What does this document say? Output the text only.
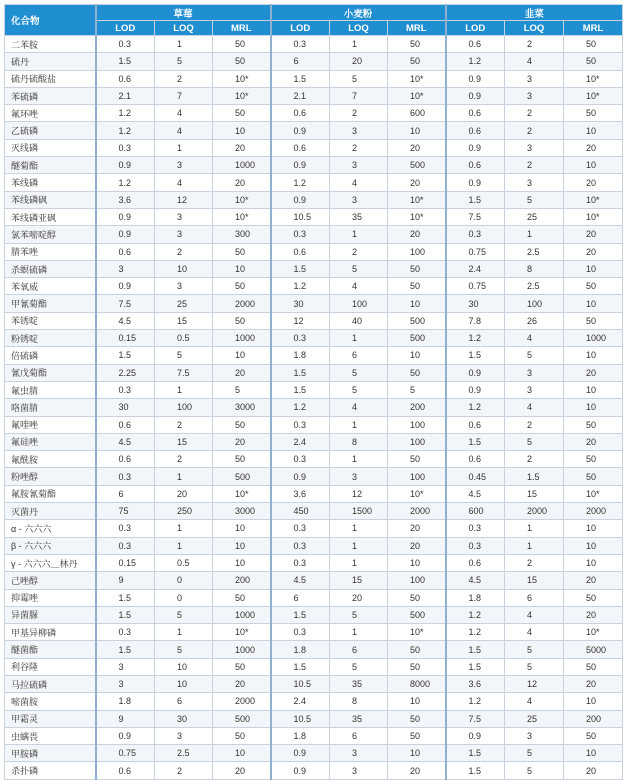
化合物	草莓			小麦粉			韭菜		
	LOD	LOQ	MRL	LOD	LOQ	MRL	LOD	LOQ	MRL
二苯胺	0.3	1	50	0.3	1	50	0.6	2	50
硫丹	1.5	5	50	6	20	50	1.2	4	50
硫丹硫酸盐	0.6	2	10*	1.5	5	10*	0.9	3	10*
苯硫磷	2.1	7	10*	2.1	7	10*	0.9	3	10*
氟环唑	1.2	4	50	0.6	2	600	0.6	2	50
乙硫磷	1.2	4	10	0.9	3	10	0.6	2	10
灭线磷	0.3	1	20	0.6	2	20	0.9	3	20
醚菊酯	0.9	3	1000	0.9	3	500	0.6	2	10
苯线磷	1.2	4	20	1.2	4	20	0.9	3	20
苯线磷砜	3.6	12	10*	0.9	3	10*	1.5	5	10*
苯线磷亚砜	0.9	3	10*	10.5	35	10*	7.5	25	10*
氯苯嘧啶醇	0.9	3	300	0.3	1	20	0.3	1	20
腈苯唑	0.6	2	50	0.6	2	100	0.75	2.5	20
杀螟硫磷	3	10	10	1.5	5	50	2.4	8	10
苯氧威	0.9	3	50	1.2	4	50	0.75	2.5	50
甲氰菊酯	7.5	25	2000	30	100	10	30	100	10
苯锈啶	4.5	15	50	12	40	500	7.8	26	50
粉锈啶	0.15	0.5	1000	0.3	1	500	1.2	4	1000
倍硫磷	1.5	5	10	1.8	6	10	1.5	5	10
氰戊菊酯	2.25	7.5	20	1.5	5	50	0.9	3	20
氟虫腈	0.3	1	5	1.5	5	5	0.9	3	10
咯菌腈	30	100	3000	1.2	4	200	1.2	4	10
氟喹唑	0.6	2	50	0.3	1	100	0.6	2	50
氟硅唑	4.5	15	20	2.4	8	100	1.5	5	20
氟酰胺	0.6	2	50	0.3	1	50	0.6	2	50
粉唑醇	0.3	1	500	0.9	3	100	0.45	1.5	50
氟胺氰菊酯	6	20	10*	3.6	12	10*	4.5	15	10*
灭菌丹	75	250	3000	450	1500	2000	600	2000	2000
α - 六六六	0.3	1	10	0.3	1	20	0.3	1	10
β - 六六六	0.3	1	10	0.3	1	20	0.3	1	10
γ - 六六六＿林丹	0.15	0.5	10	0.3	1	10	0.6	2	10
己唑醇	9	0	200	4.5	15	100	4.5	15	20
抑霉唑	1.5	0	50	6	20	50	1.8	6	50
异菌脲	1.5	5	1000	1.5	5	500	1.2	4	20
甲基异柳磷	0.3	1	10*	0.3	1	10*	1.2	4	10*
醚菌酯	1.5	5	1000	1.8	6	50	1.5	5	5000
利谷隆	3	10	50	1.5	5	50	1.5	5	50
马拉硫磷	3	10	20	10.5	35	8000	3.6	12	20
嘧菌胺	1.8	6	2000	2.4	8	10	1.2	4	10
甲霜灵	9	30	500	10.5	35	50	7.5	25	200
虫螨畏	0.9	3	50	1.8	6	50	0.9	3	50
甲胺磷	0.75	2.5	10	0.9	3	10	1.5	5	10
杀扑磷	0.6	2	20	0.9	3	20	1.5	5	20
